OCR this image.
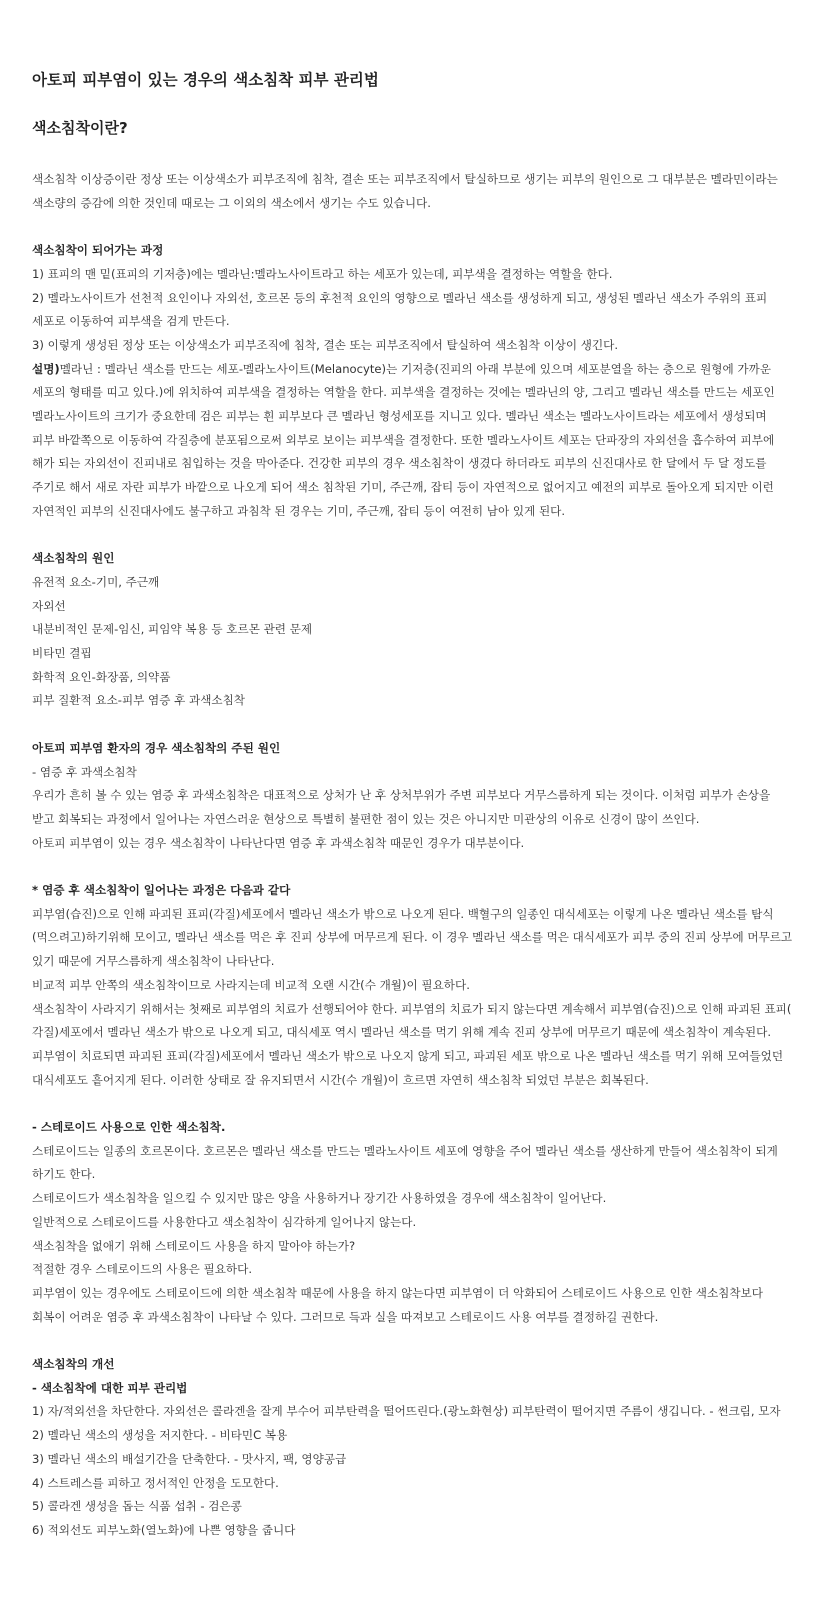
아토피 피부염이 있는 경우의 색소침착 피부 관리법
색소침착이란?

색소침착 이상증이란 정상 또는 이상색소가 피부조직에 침착, 결손 또는 피부조직에서 탈실하므로 생기는 피부의 원인으로 그 대부분은 멜라민이라는

색소량의 증감에 의한 것인데 때로는 그 이외의 색소에서 생기는 수도 있습니다.

색소침착이 되어가는 과정

1) 표피의 맨 밑(표피의 기저층)에는 멜라닌:멜라노사이트라고 하는 세포가 있는데, 피부색을 결정하는 역할을 한다.

2) 멜라노사이트가 선천적 요인이나 자외선, 호르몬 등의 후천적 요인의 영향으로 멜라닌 색소를 생성하게 되고, 생성된 멜라닌 색소가 주위의 표피

세포로 이동하여 피부색을 검게 만든다.

3) 이렇게 생성된 정상 또는 이상색소가 피부조직에 침착, 결손 또는 피부조직에서 탈실하여 색소침착 이상이 생긴다.

설명)멜라닌 : 멜라닌 색소를 만드는 세포-멜라노사이트(Melanocyte)는 기저층(진피의 아래 부분에 있으며 세포분열을 하는 층으로 원형에 가까운

세포의 형태를 띠고 있다.)에 위치하여 피부색을 결정하는 역할을 한다. 피부색을 결정하는 것에는 멜라닌의 양, 그리고 멜라닌 색소를 만드는 세포인

멜라노사이트의 크기가 중요한데 검은 피부는 흰 피부보다 큰 멜라닌 형성세포를 지니고 있다. 멜라닌 색소는 멜라노사이트라는 세포에서 생성되며

피부 바깥쪽으로 이동하여 각질층에 분포됨으로써 외부로 보이는 피부색을 결정한다. 또한 멜라노사이트 세포는 단파장의 자외선을 흡수하여 피부에

해가 되는 자외선이 진피내로 침입하는 것을 막아준다. 건강한 피부의 경우 색소침착이 생겼다 하더라도 피부의 신진대사로 한 달에서 두 달 정도를

주기로 해서 새로 자란 피부가 바깥으로 나오게 되어 색소 침착된 기미, 주근깨, 잡티 등이 자연적으로 없어지고 예전의 피부로 돌아오게 되지만 이런

자연적인 피부의 신진대사에도 불구하고 과침착 된 경우는 기미, 주근깨, 잡티 등이 여전히 남아 있게 된다.

색소침착의 원인

유전적 요소-기미, 주근깨

자외선

내분비적인 문제-임신, 피임약 복용 등 호르몬 관련 문제

비타민 결핍

화학적 요인-화장품, 의약품

피부 질환적 요소-피부 염증 후 과색소침착

아토피 피부염 환자의 경우 색소침착의 주된 원인

- 염증 후 과색소침착

우리가 흔히 볼 수 있는 염증 후 과색소침착은 대표적으로 상처가 난 후 상처부위가 주변 피부보다 거무스름하게 되는 것이다. 이처럼 피부가 손상을

받고 회복되는 과정에서 일어나는 자연스러운 현상으로 특별히 불편한 점이 있는 것은 아니지만 미관상의 이유로 신경이 많이 쓰인다.

아토피 피부염이 있는 경우 색소침착이 나타난다면 염증 후 과색소침착 때문인 경우가 대부분이다.

* 염증 후 색소침착이 일어나는 과정은 다음과 같다

피부염(습진)으로 인해 파괴된 표피(각질)세포에서 멜라닌 색소가 밖으로 나오게 된다. 백혈구의 일종인 대식세포는 이렇게 나온 멜라닌 색소를 탐식

(먹으려고)하기위해 모이고, 멜라닌 색소를 먹은 후 진피 상부에 머무르게 된다. 이 경우 멜라닌 색소를 먹은 대식세포가 피부 중의 진피 상부에 머무르고

있기 때문에 거무스름하게 색소침착이 나타난다.

비교적 피부 안쪽의 색소침착이므로 사라지는데 비교적 오랜 시간(수 개월)이 필요하다.

색소침착이 사라지기 위해서는 첫째로 피부염의 치료가 선행되어야 한다. 피부염의 치료가 되지 않는다면 계속해서 피부염(습진)으로 인해 파괴된 표피(

각질)세포에서 멜라닌 색소가 밖으로 나오게 되고, 대식세포 역시 멜라닌 색소를 먹기 위해 계속 진피 상부에 머무르기 때문에 색소침착이 계속된다.

피부염이 치료되면 파괴된 표피(각질)세포에서 멜라닌 색소가 밖으로 나오지 않게 되고, 파괴된 세포 밖으로 나온 멜라닌 색소를 먹기 위해 모여들었던

대식세포도 흩어지게 된다. 이러한 상태로 잘 유지되면서 시간(수 개월)이 흐르면 자연히 색소침착 되었던 부분은 회복된다.

- 스테로이드 사용으로 인한 색소침착.

스테로이드는 일종의 호르몬이다. 호르몬은 멜라닌 색소를 만드는 멜라노사이트 세포에 영향을 주어 멜라닌 색소를 생산하게 만들어 색소침착이 되게

하기도 한다.

스테로이드가 색소침착을 일으킬 수 있지만 많은 양을 사용하거나 장기간 사용하였을 경우에 색소침착이 일어난다.

일반적으로 스테로이드를 사용한다고 색소침착이 심각하게 일어나지 않는다.

색소침착을 없애기 위해 스테로이드 사용을 하지 말아야 하는가?

적절한 경우 스테로이드의 사용은 필요하다.

피부염이 있는 경우에도 스테로이드에 의한 색소침착 때문에 사용을 하지 않는다면 피부염이 더 악화되어 스테로이드 사용으로 인한 색소침착보다

회복이 어려운 염증 후 과색소침착이 나타날 수 있다. 그러므로 득과 실을 따져보고 스테로이드 사용 여부를 결정하길 권한다.

색소침착의 개선

- 색소침착에 대한 피부 관리법

1) 자/적외선을 차단한다. 자외선은 콜라겐을 잘게 부수어 피부탄력을 떨어뜨린다.(광노화현상) 피부탄력이 떨어지면 주름이 생깁니다. - 썬크림, 모자

2) 멜라닌 색소의 생성을 저지한다. - 비타민C 복용

3) 멜라닌 색소의 배설기간을 단축한다. - 맛사지, 팩, 영양공급

4) 스트레스를 피하고 정서적인 안정을 도모한다.

5) 콜라겐 생성을 돕는 식품 섭취 - 검은콩

6) 적외선도 피부노화(열노화)에 나쁜 영향을 줍니다
